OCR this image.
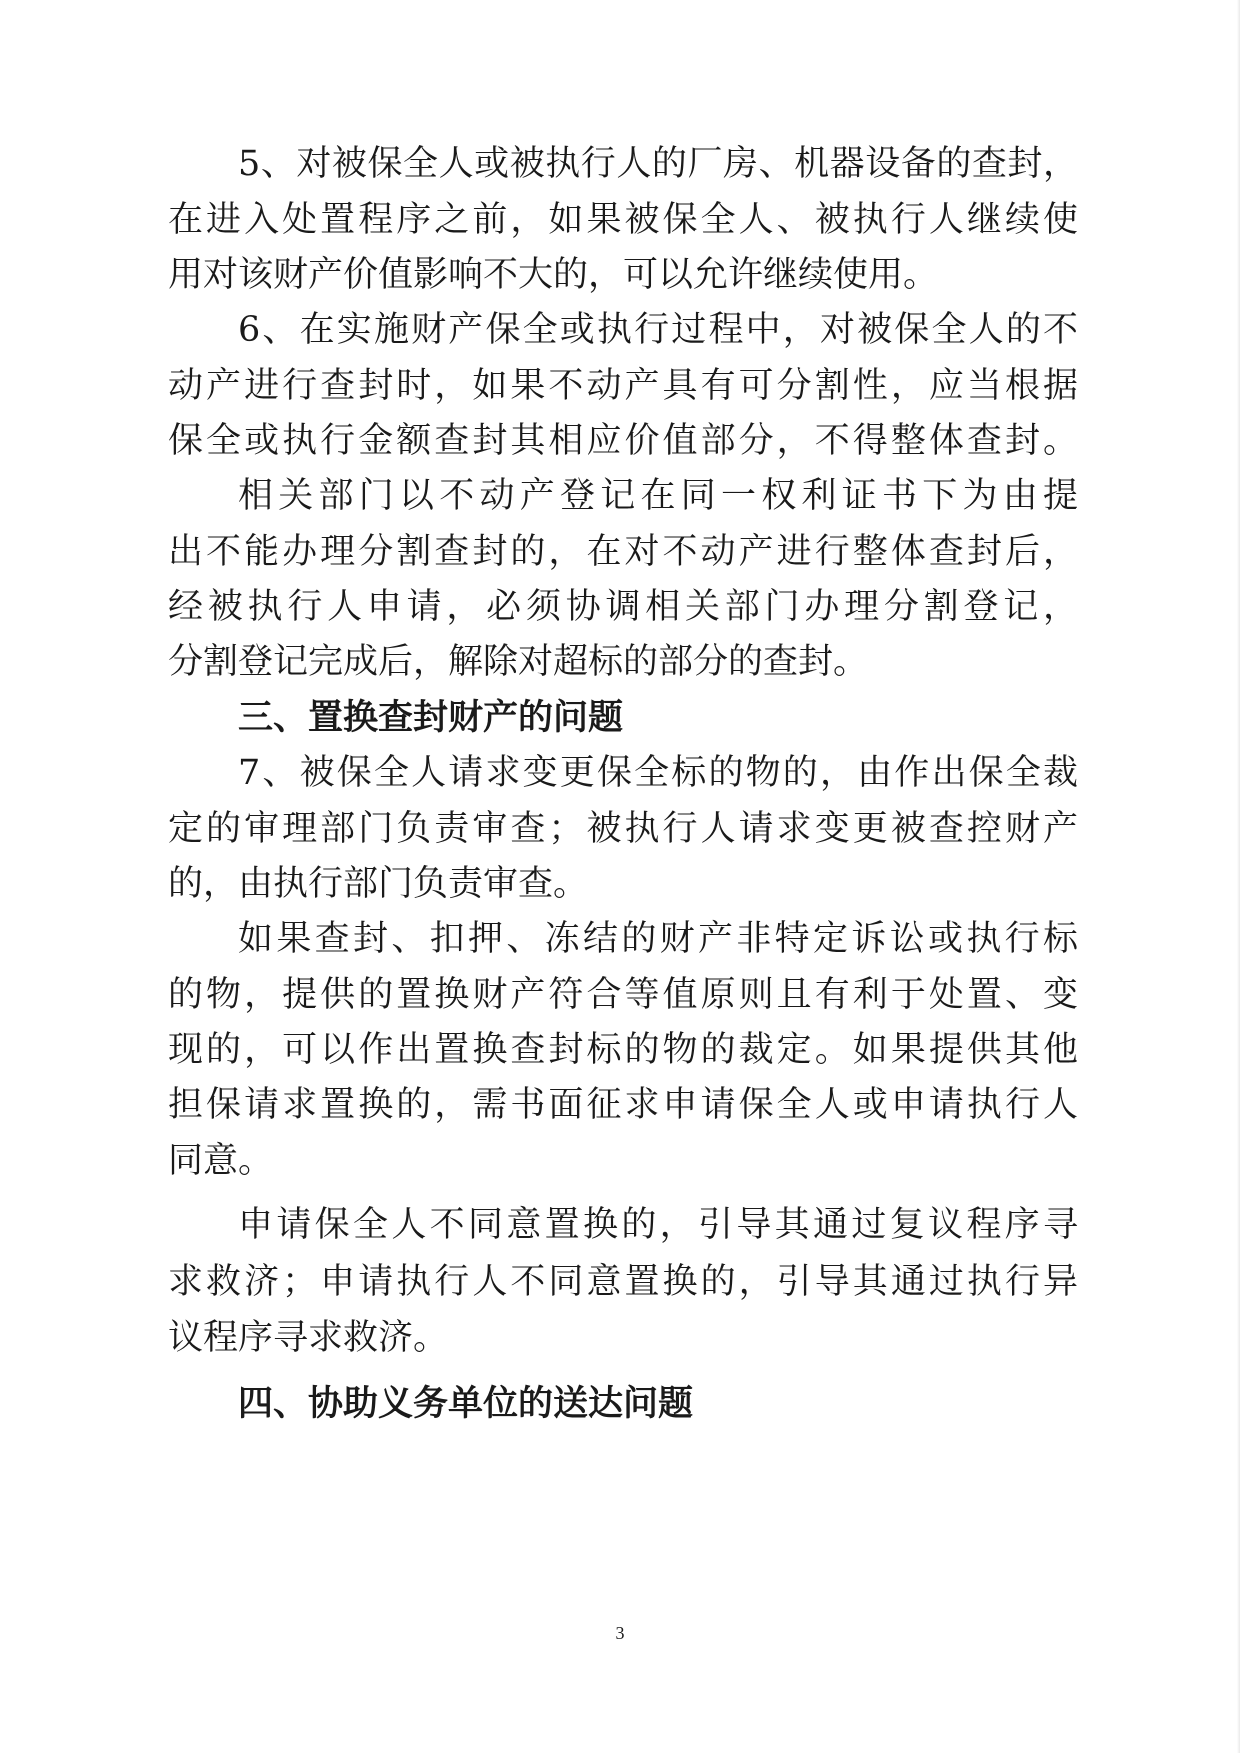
5、对被保全人或被执行人的厂房、机器设备的查封，
在进入处置程序之前，如果被保全人、被执行人继续使
用对该财产价值影响不大的，可以允许继续使用。
6、在实施财产保全或执行过程中，对被保全人的不
动产进行查封时，如果不动产具有可分割性，应当根据
保全或执行金额查封其相应价值部分，不得整体查封。
相关部门以不动产登记在同一权利证书下为由提
出不能办理分割查封的，在对不动产进行整体查封后，
经被执行人申请，必须协调相关部门办理分割登记，
分割登记完成后，解除对超标的部分的查封。
三、置换查封财产的问题
7、被保全人请求变更保全标的物的，由作出保全裁
定的审理部门负责审查；被执行人请求变更被查控财产
的，由执行部门负责审查。
如果查封、扣押、冻结的财产非特定诉讼或执行标
的物，提供的置换财产符合等值原则且有利于处置、变
现的，可以作出置换查封标的物的裁定。如果提供其他
担保请求置换的，需书面征求申请保全人或申请执行人
同意。
申请保全人不同意置换的，引导其通过复议程序寻
求救济；申请执行人不同意置换的，引导其通过执行异
议程序寻求救济。
四、协助义务单位的送达问题
3
